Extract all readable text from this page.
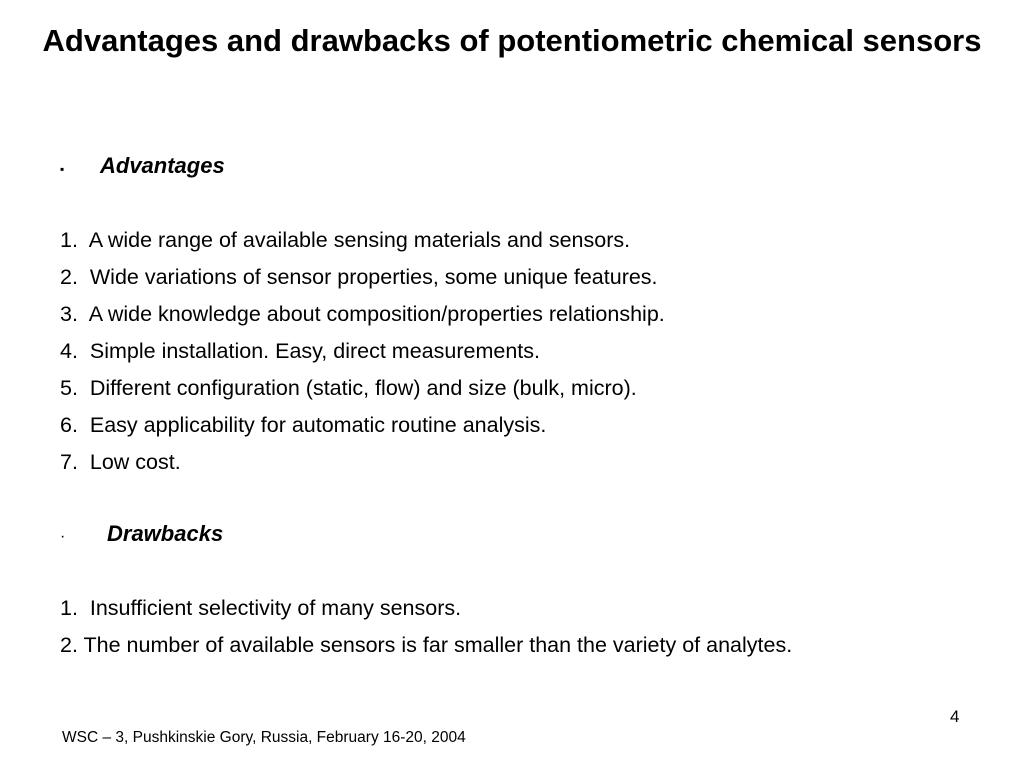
Advantages and drawbacks of potentiometric chemical sensors
▪	Advantages
1.  A wide range of available sensing materials and sensors.
2.  Wide variations of sensor properties, some unique features.
3.  A wide knowledge about composition/properties relationship.
4.  Simple installation. Easy, direct measurements.
5.  Different configuration (static, flow) and size (bulk, micro).
6.  Easy applicability for automatic routine analysis.
7.  Low cost.
·	Drawbacks
1.  Insufficient selectivity of many sensors.
2. The number of available sensors is far smaller than the variety of analytes.
4
WSC – 3, Pushkinskie Gory, Russia, February 16-20, 2004
